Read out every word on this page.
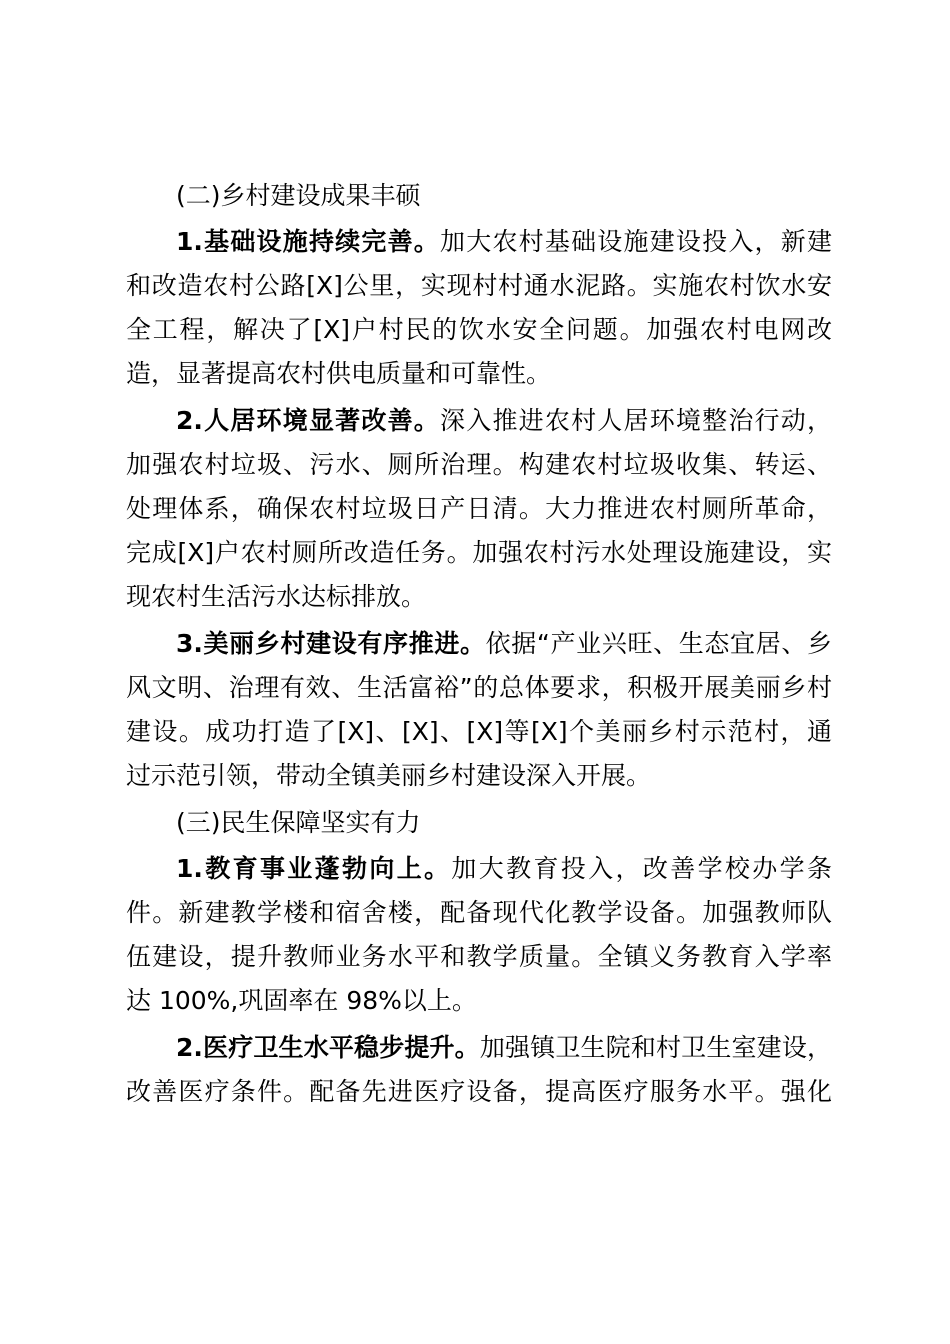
(二)乡村建设成果丰硕

1.基础设施持续完善。加大农村基础设施建设投入，新建
和改造农村公路[X]公里，实现村村通水泥路。实施农村饮水安
全工程，解决了[X]户村民的饮水安全问题。加强农村电网改
造，显著提高农村供电质量和可靠性。
2.人居环境显著改善。深入推进农村人居环境整治行动，
加强农村垃圾、污水、厕所治理。构建农村垃圾收集、转运、
处理体系，确保农村垃圾日产日清。大力推进农村厕所革命，
完成[X]户农村厕所改造任务。加强农村污水处理设施建设，实
现农村生活污水达标排放。
3.美丽乡村建设有序推进。依据“产业兴旺、生态宜居、乡
风文明、治理有效、生活富裕”的总体要求，积极开展美丽乡村
建设。成功打造了[X]、[X]、[X]等[X]个美丽乡村示范村，通
过示范引领，带动全镇美丽乡村建设深入开展。

(三)民生保障坚实有力

1.教育事业蓬勃向上。加大教育投入，改善学校办学条
件。新建教学楼和宿舍楼，配备现代化教学设备。加强教师队
伍建设，提升教师业务水平和教学质量。全镇义务教育入学率
达 100%,巩固率在 98%以上。
2.医疗卫生水平稳步提升。加强镇卫生院和村卫生室建设，
改善医疗条件。配备先进医疗设备，提高医疗服务水平。强化
